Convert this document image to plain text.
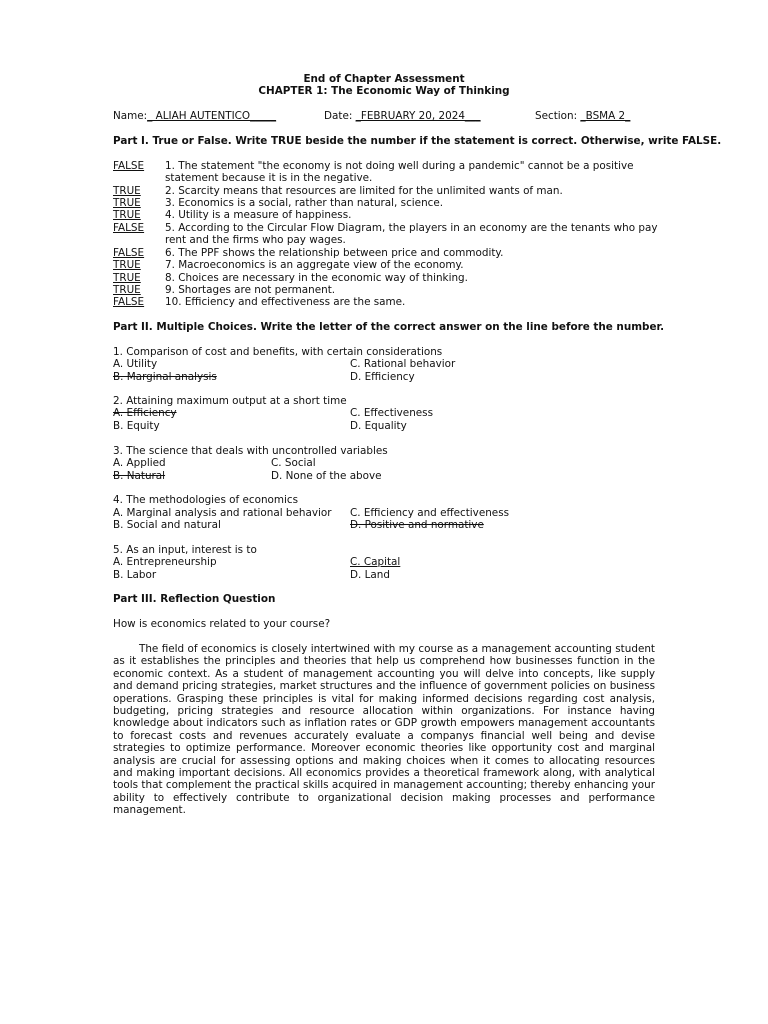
End of Chapter Assessment
CHAPTER 1: The Economic Way of Thinking
Name:_ ALIAH AUTENTICO_____	Date: _FEBRUARY 20, 2024___	Section: _BSMA 2_
Part I. True or False. Write TRUE beside the number if the statement is correct. Otherwise, write FALSE.
FALSE 1. The statement "the economy is not doing well during a pandemic" cannot be a positive
statement because it is in the negative.
TRUE 2. Scarcity means that resources are limited for the unlimited wants of man.
TRUE 3. Economics is a social, rather than natural, science.
TRUE 4. Utility is a measure of happiness.
FALSE 5. According to the Circular Flow Diagram, the players in an economy are the tenants who pay
rent and the firms who pay wages.
FALSE 6. The PPF shows the relationship between price and commodity.
TRUE 7. Macroeconomics is an aggregate view of the economy.
TRUE 8. Choices are necessary in the economic way of thinking.
TRUE 9. Shortages are not permanent.
FALSE 10. Efficiency and effectiveness are the same.
Part II. Multiple Choices. Write the letter of the correct answer on the line before the number.
1. Comparison of cost and benefits, with certain considerations
A. Utility	C. Rational behavior
B. Marginal analysis	D. Efficiency
2. Attaining maximum output at a short time
A. Efficiency	C. Effectiveness
B. Equity	D. Equality
3. The science that deals with uncontrolled variables
A. Applied	C. Social
B. Natural	D. None of the above
4. The methodologies of economics
A. Marginal analysis and rational behavior C. Efficiency and effectiveness
B. Social and natural	D. Positive and normative
5. As an input, interest is to
A. Entrepreneurship	C. Capital
B. Labor	D. Land
Part III. Reflection Question
How is economics related to your course?
The field of economics is closely intertwined with my course as a management accounting student as it establishes the principles and theories that help us comprehend how businesses function in the economic context. As a student of management accounting you will delve into concepts, like supply and demand pricing strategies, market structures and the influence of government policies on business operations. Grasping these principles is vital for making informed decisions regarding cost analysis, budgeting, pricing strategies and resource allocation within organizations. For instance having knowledge about indicators such as inflation rates or GDP growth empowers management accountants to forecast costs and revenues accurately evaluate a companys financial well being and devise strategies to optimize performance. Moreover economic theories like opportunity cost and marginal analysis are crucial for assessing options and making choices when it comes to allocating resources and making important decisions. All economics provides a theoretical framework along, with analytical tools that complement the practical skills acquired in management accounting; thereby enhancing your ability to effectively contribute to organizational decision making processes and performance management.
